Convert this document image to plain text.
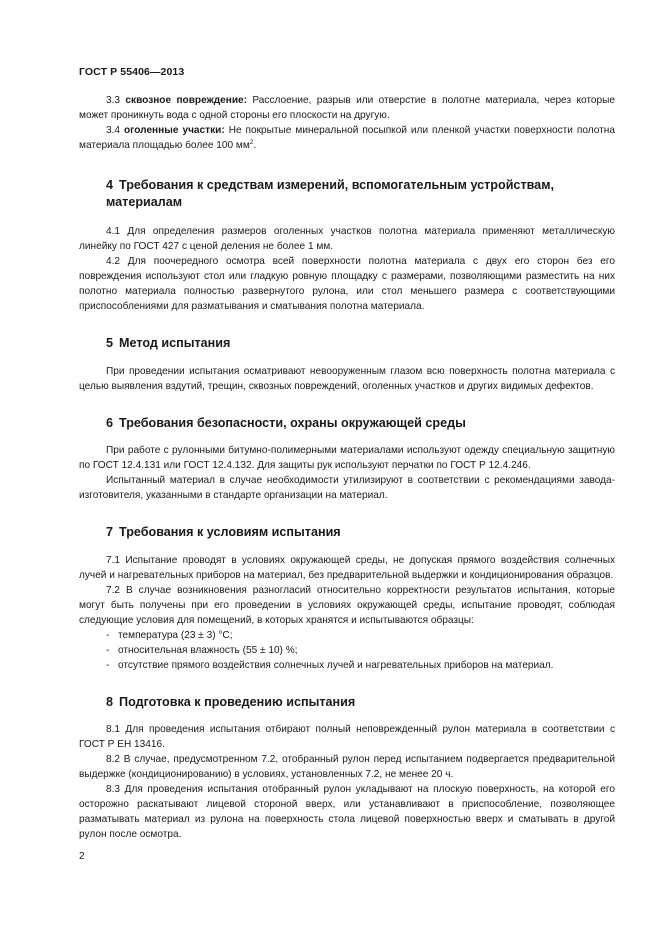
ГОСТ Р 55406—2013

3.3 сквозное повреждение: Расслоение, разрыв или отверстие в полотне материала, через которые может проникнуть вода с одной стороны его плоскости на другую.

3.4 оголенные участки: Не покрытые минеральной посыпкой или пленкой участки поверхности полотна материала площадью более 100 $мм^2$.

4 Требования к средствам измерений, вспомогательным устройствам,
материалам

4.1 Для определения размеров оголенных участков полотна материала применяют металлическую линейку по ГОСТ 427 с ценой деления не более 1 мм.

4.2 Для поочередного осмотра всей поверхности полотна материала с двух его сторон без его повреждения используют стол или гладкую ровную площадку с размерами, позволяющими разместить на них полотно материала полностью развернутого рулона, или стол меньшего размера с соответствующими приспособлениями для разматывания и сматывания полотна материала.

5 Метод испытания

При проведении испытания осматривают невооруженным глазом всю поверхность полотна материала с целью выявления вздутий, трещин, сквозных повреждений, оголенных участков и других видимых дефектов.

6 Требования безопасности, охраны окружающей среды

При работе с рулонными битумно-полимерными материалами используют одежду специальную защитную по ГОСТ 12.4.131 или ГОСТ 12.4.132. Для защиты рук используют перчатки по ГОСТ Р 12.4.246.

Испытанный материал в случае необходимости утилизируют в соответствии с рекомендациями завода-изготовителя, указанными в стандарте организации на материал.

7 Требования к условиям испытания

7.1 Испытание проводят в условиях окружающей среды, не допуская прямого воздействия солнечных лучей и нагревательных приборов на материал, без предварительной выдержки и кондиционирования образцов.

7.2 В случае возникновения разногласий относительно корректности результатов испытания, которые могут быть получены при его проведении в условиях окружающей среды, испытание проводят, соблюдая следующие условия для помещений, в которых хранятся и испытываются образцы:

- температура (23 ± 3) °С;
- относительная влажность (55 ± 10) %;
- отсутствие прямого воздействия солнечных лучей и нагревательных приборов на материал.
8 Подготовка к проведению испытания

8.1 Для проведения испытания отбирают полный неповрежденный рулон материала в соответствии с ГОСТ Р ЕН 13416.

8.2 В случае, предусмотренном 7.2, отобранный рулон перед испытанием подвергается предварительной выдержке (кондиционированию) в условиях, установленных 7.2, не менее 20 ч.

8.3 Для проведения испытания отобранный рулон укладывают на плоскую поверхность, на которой его осторожно раскатывают лицевой стороной вверх, или устанавливают в приспособление, позволяющее разматывать материал из рулона на поверхность стола лицевой поверхностью вверх и сматывать в другой рулон после осмотра.

2
